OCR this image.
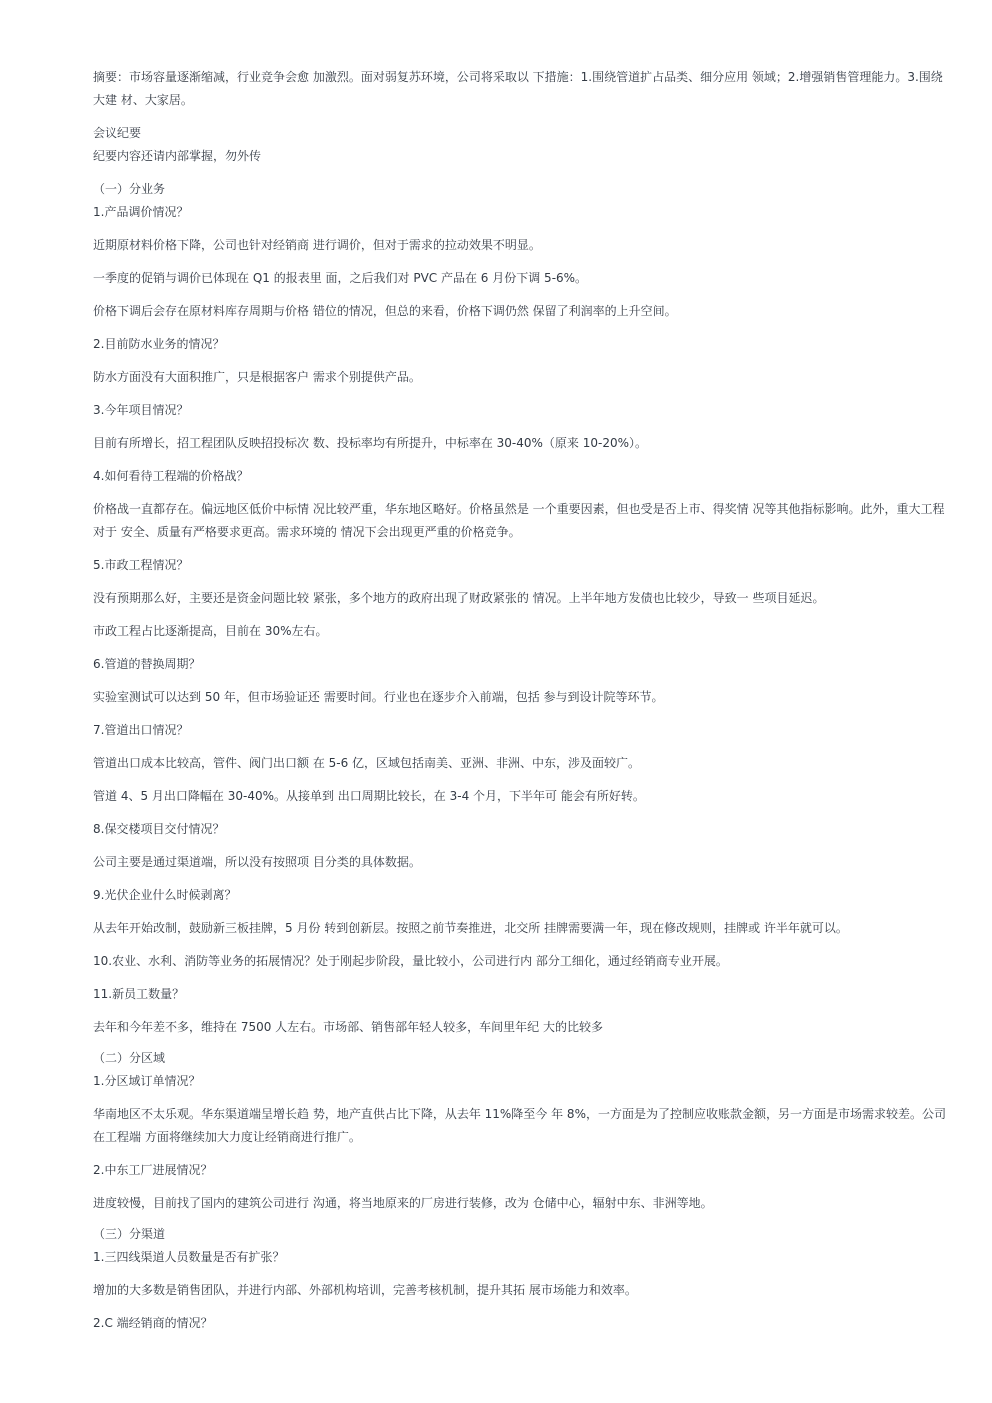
摘要：市场容量逐渐缩减，行业竞争会愈 加激烈。面对弱复苏环境，公司将采取以 下措施：1.围绕管道扩占品类、细分应用 领域；2.增强销售管理能力。3.围绕大建 材、大家居。

会议纪要

纪要内容还请内部掌握，勿外传

（一）分业务

1.产品调价情况？

近期原材料价格下降，公司也针对经销商 进行调价，但对于需求的拉动效果不明显。

一季度的促销与调价已体现在 Q1 的报表里 面，之后我们对 PVC 产品在 6 月份下调 5-6%。

价格下调后会存在原材料库存周期与价格 错位的情况，但总的来看，价格下调仍然 保留了利润率的上升空间。

2.目前防水业务的情况？

防水方面没有大面积推广，只是根据客户 需求个别提供产品。

3.今年项目情况？

目前有所增长，招工程团队反映招投标次 数、投标率均有所提升，中标率在 30-40%（原来 10-20%）。

4.如何看待工程端的价格战？

价格战一直都存在。偏远地区低价中标情 况比较严重，华东地区略好。价格虽然是 一个重要因素，但也受是否上市、得奖情 况等其他指标影响。此外，重大工程对于 安全、质量有严格要求更高。需求环境的 情况下会出现更严重的价格竞争。

5.市政工程情况？

没有预期那么好，主要还是资金问题比较 紧张，多个地方的政府出现了财政紧张的 情况。上半年地方发债也比较少，导致一 些项目延迟。

市政工程占比逐渐提高，目前在 30%左右。

6.管道的替换周期？

实验室测试可以达到 50 年，但市场验证还 需要时间。行业也在逐步介入前端，包括 参与到设计院等环节。

7.管道出口情况？

管道出口成本比较高，管件、阀门出口额 在 5-6 亿，区域包括南美、亚洲、非洲、中东，涉及面较广。

管道 4、5 月出口降幅在 30-40%。从接单到 出口周期比较长，在 3-4 个月，下半年可 能会有所好转。

8.保交楼项目交付情况？

公司主要是通过渠道端，所以没有按照项 目分类的具体数据。

9.光伏企业什么时候剥离？

从去年开始改制，鼓励新三板挂牌，5 月份 转到创新层。按照之前节奏推进，北交所 挂牌需要满一年，现在修改规则，挂牌或 许半年就可以。

10.农业、水利、消防等业务的拓展情况？处于刚起步阶段，量比较小，公司进行内 部分工细化，通过经销商专业开展。

11.新员工数量？

去年和今年差不多，维持在 7500 人左右。市场部、销售部年轻人较多，车间里年纪 大的比较多

（二）分区域

1.分区域订单情况？

华南地区不太乐观。华东渠道端呈增长趋 势，地产直供占比下降，从去年 11%降至今 年 8%，一方面是为了控制应收账款金额，另一方面是市场需求较差。公司在工程端 方面将继续加大力度让经销商进行推广。

2.中东工厂进展情况？

进度较慢，目前找了国内的建筑公司进行 沟通，将当地原来的厂房进行装修，改为 仓储中心，辐射中东、非洲等地。

（三）分渠道

1.三四线渠道人员数量是否有扩张？

增加的大多数是销售团队，并进行内部、外部机构培训，完善考核机制，提升其拓 展市场能力和效率。

2.C 端经销商的情况？
